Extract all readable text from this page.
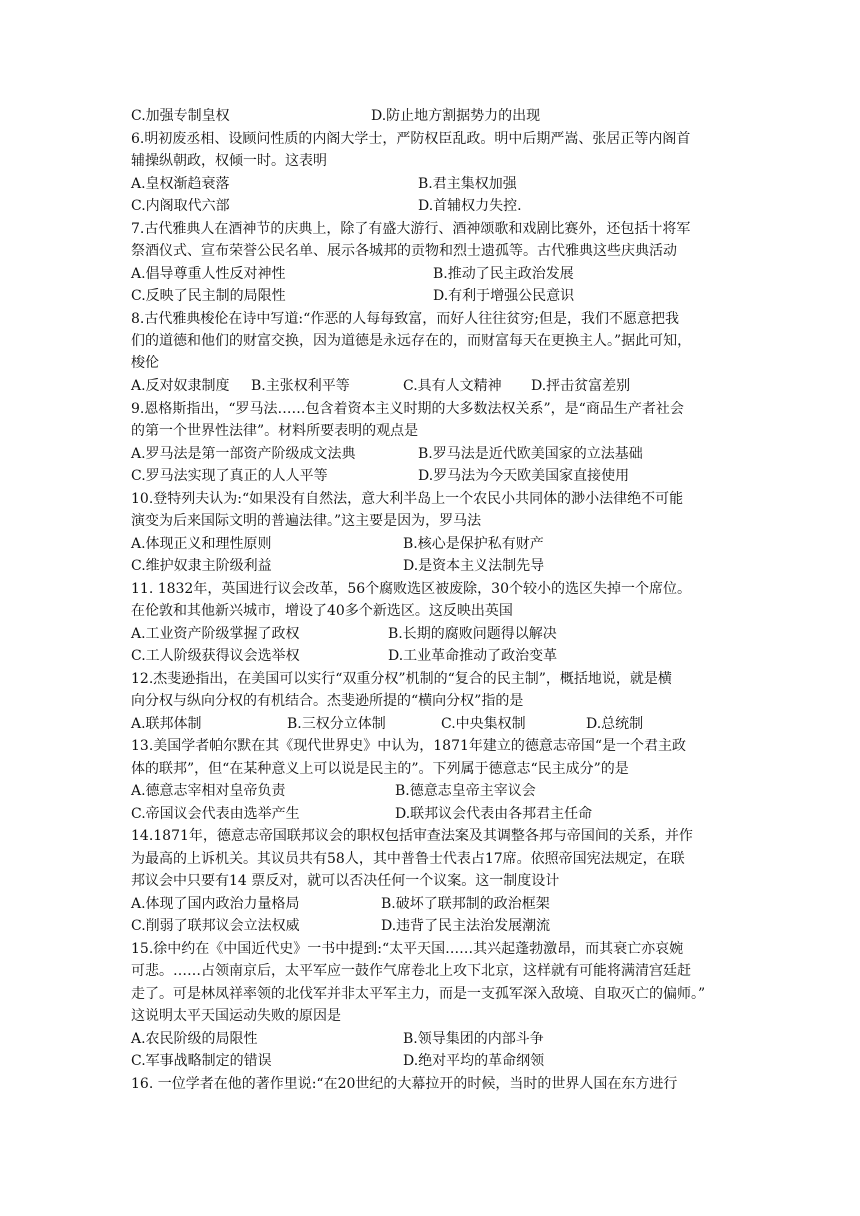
C.加强专制皇权	D.防止地方割据势力的出现
6.明初废丞相、设顾问性质的内阁大学士，严防权臣乱政。明中后期严嵩、张居正等内阁首
辅操纵朝政，权倾一时。这表明
A.皇权渐趋衰落	B.君主集权加强
C.内阁取代六部	D.首辅权力失控.
7.古代雅典人在酒神节的庆典上，除了有盛大游行、酒神颂歌和戏剧比赛外，还包括十将军
祭酒仪式、宣布荣誉公民名单、展示各城邦的贡物和烈士遗孤等。古代雅典这些庆典活动
A.倡导尊重人性反对神性	B.推动了民主政治发展
C.反映了民主制的局限性	D.有利于增强公民意识
8.古代雅典梭伦在诗中写道:“作恶的人每每致富，而好人往往贫穷;但是，我们不愿意把我
们的道德和他们的财富交换，因为道德是永远存在的，而财富每天在更换主人。”据此可知，
梭伦
A.反对奴隶制度 B.主张权利平等	C.具有人文精神 D.抨击贫富差别
9.恩格斯指出，“罗马法……包含着资本主义时期的大多数法权关系”，是“商品生产者社会
的第一个世界性法律”。材料所要表明的观点是
A.罗马法是第一部资产阶级成文法典	B.罗马法是近代欧美国家的立法基础
C.罗马法实现了真正的人人平等	D.罗马法为今天欧美国家直接使用
10.登特列夫认为:“如果没有自然法，意大利半岛上一个农民小共同体的渺小法律绝不可能
演变为后来国际文明的普遍法律。”这主要是因为，罗马法
A.体现正义和理性原则	B.核心是保护私有财产
C.维护奴隶主阶级利益	D.是资本主义法制先导
11. 1832年，英国进行议会改革，56个腐败选区被废除，30个较小的选区失掉一个席位。
在伦敦和其他新兴城市，增设了40多个新选区。这反映出英国
A.工业资产阶级掌握了政权	B.长期的腐败问题得以解决
C.工人阶级获得议会选举权	D.工业革命推动了政治变革
12.杰斐逊指出，在美国可以实行“双重分权”机制的“复合的民主制”，概括地说，就是横
向分权与纵向分权的有机结合。杰斐逊所提的“横向分权”指的是
A.联邦体制	B.三权分立体制	C.中央集权制	D.总统制
13.美国学者帕尔默在其《现代世界史》中认为，1871年建立的德意志帝国“是一个君主政
体的联邦”，但“在某种意义上可以说是民主的”。下列属于德意志“民主成分”的是
A.德意志宰相对皇帝负责	B.德意志皇帝主宰议会
C.帝国议会代表由选举产生	D.联邦议会代表由各邦君主任命
14.1871年，德意志帝国联邦议会的职权包括审查法案及其调整各邦与帝国间的关系，并作
为最高的上诉机关。其议员共有58人，其中普鲁士代表占17席。依照帝国宪法规定，在联
邦议会中只要有14 票反对，就可以否决任何一个议案。这一制度设计
A.体现了国内政治力量格局	B.破坏了联邦制的政治框架
C.削弱了联邦议会立法权威	D.违背了民主法治发展潮流
15.徐中约在《中国近代史》一书中提到:“太平天国……其兴起蓬勃激昂，而其衰亡亦哀婉
可悲。……占领南京后，太平军应一鼓作气席卷北上攻下北京，这样就有可能将满清宫廷赶
走了。可是林凤祥率领的北伐军并非太平军主力，而是一支孤军深入敌境、自取灭亡的偏师。”
这说明太平天国运动失败的原因是
A.农民阶级的局限性	B.领导集团的内部斗争
C.军事战略制定的错误	D.绝对平均的革命纲领
16. 一位学者在他的著作里说:“在20世纪的大幕拉开的时候，当时的世界人国在东方进行
